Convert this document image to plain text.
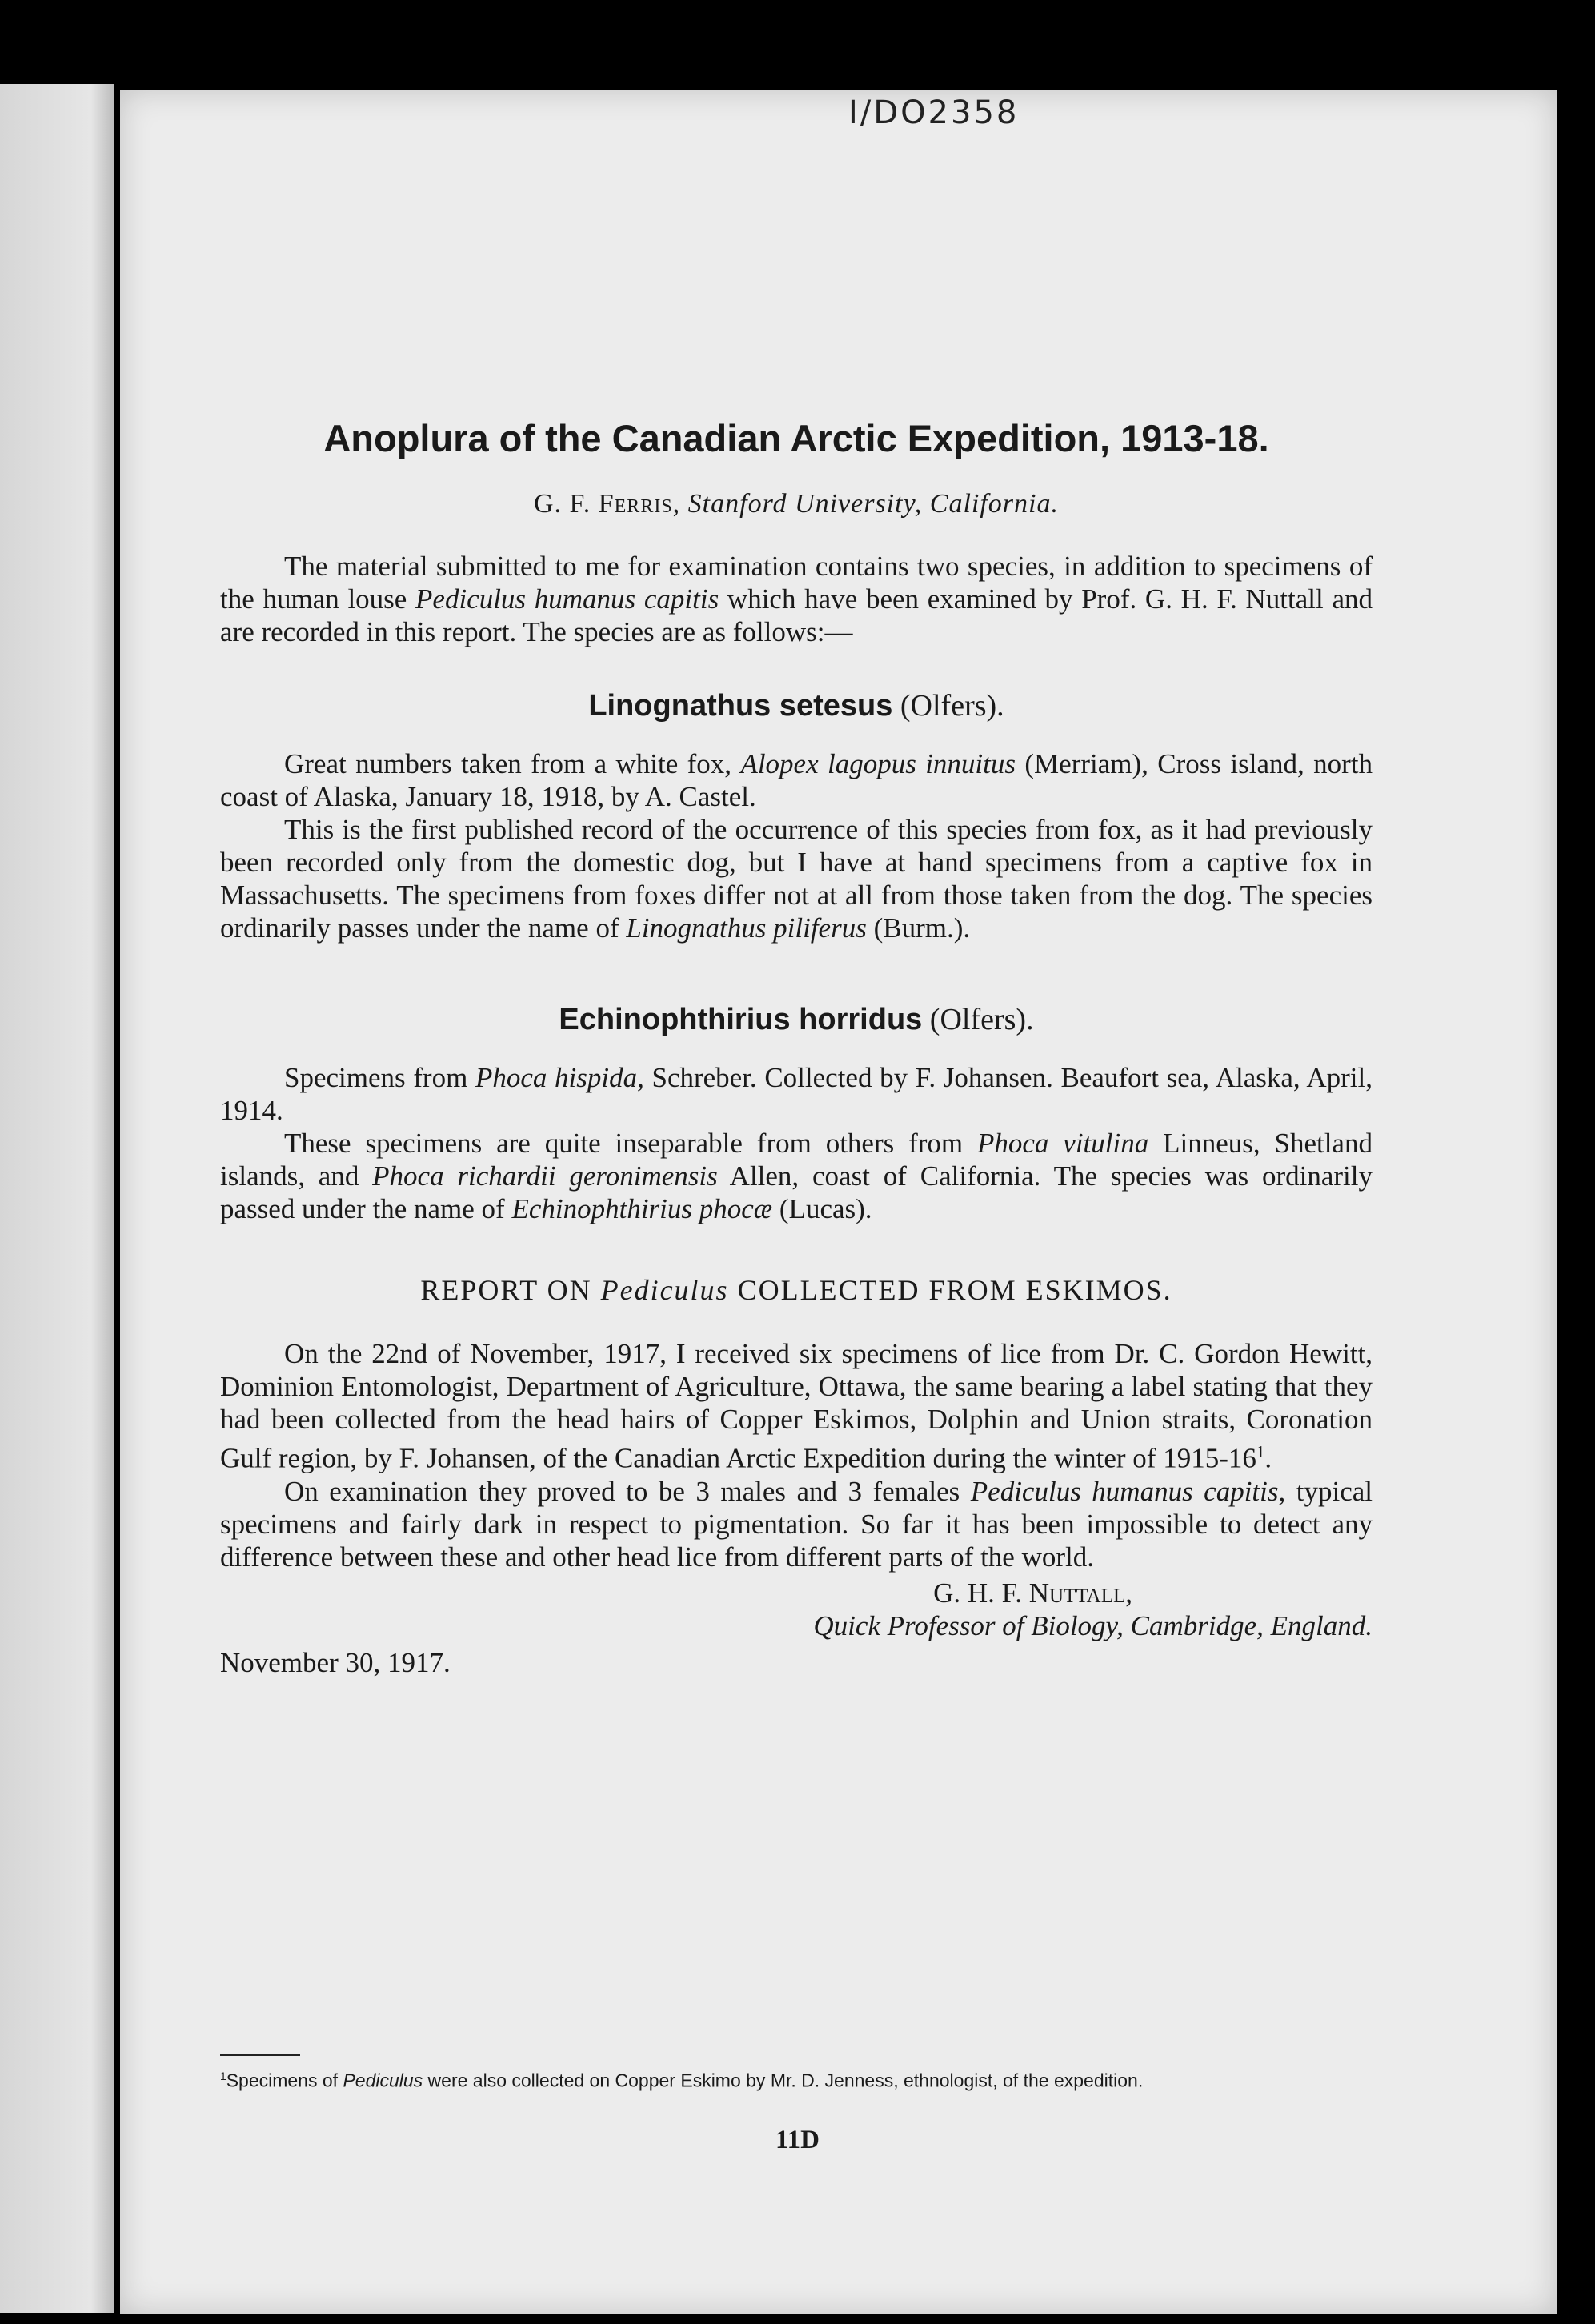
I/DO2358
Anoplura of the Canadian Arctic Expedition, 1913-18.
G. F. Ferris, Stanford University, California.

The material submitted to me for examination contains two species, in addition to specimens of the human louse Pediculus humanus capitis which have been examined by Prof. G. H. F. Nuttall and are recorded in this report. The species are as follows:—

Linognathus setesus (Olfers).

Great numbers taken from a white fox, Alopex lagopus innuitus (Merriam), Cross island, north coast of Alaska, January 18, 1918, by A. Castel.

This is the first published record of the occurrence of this species from fox, as it had previously been recorded only from the domestic dog, but I have at hand specimens from a captive fox in Massachusetts. The specimens from foxes differ not at all from those taken from the dog. The species ordinarily passes under the name of Linognathus piliferus (Burm.).

Echinophthirius horridus (Olfers).

Specimens from Phoca hispida, Schreber. Collected by F. Johansen. Beaufort sea, Alaska, April, 1914.

These specimens are quite inseparable from others from Phoca vitulina Linneus, Shetland islands, and Phoca richardii geronimensis Allen, coast of California. The species was ordinarily passed under the name of Echinophthirius phocæ (Lucas).

REPORT ON Pediculus COLLECTED FROM ESKIMOS.

On the 22nd of November, 1917, I received six specimens of lice from Dr. C. Gordon Hewitt, Dominion Entomologist, Department of Agriculture, Ottawa, the same bearing a label stating that they had been collected from the head hairs of Copper Eskimos, Dolphin and Union straits, Coronation Gulf region, by F. Johansen, of the Canadian Arctic Expedition during the winter of $1915-16^1$.

On examination they proved to be 3 males and 3 females Pediculus humanus capitis, typical specimens and fairly dark in respect to pigmentation. So far it has been impossible to detect any difference between these and other head lice from different parts of the world.

G. H. F. Nuttall,

Quick Professor of Biology, Cambridge, England.

November 30, 1917.
$^1$Specimens of Pediculus were also collected on Copper Eskimo by Mr. D. Jenness, ethnologist, of the expedition.
11D
